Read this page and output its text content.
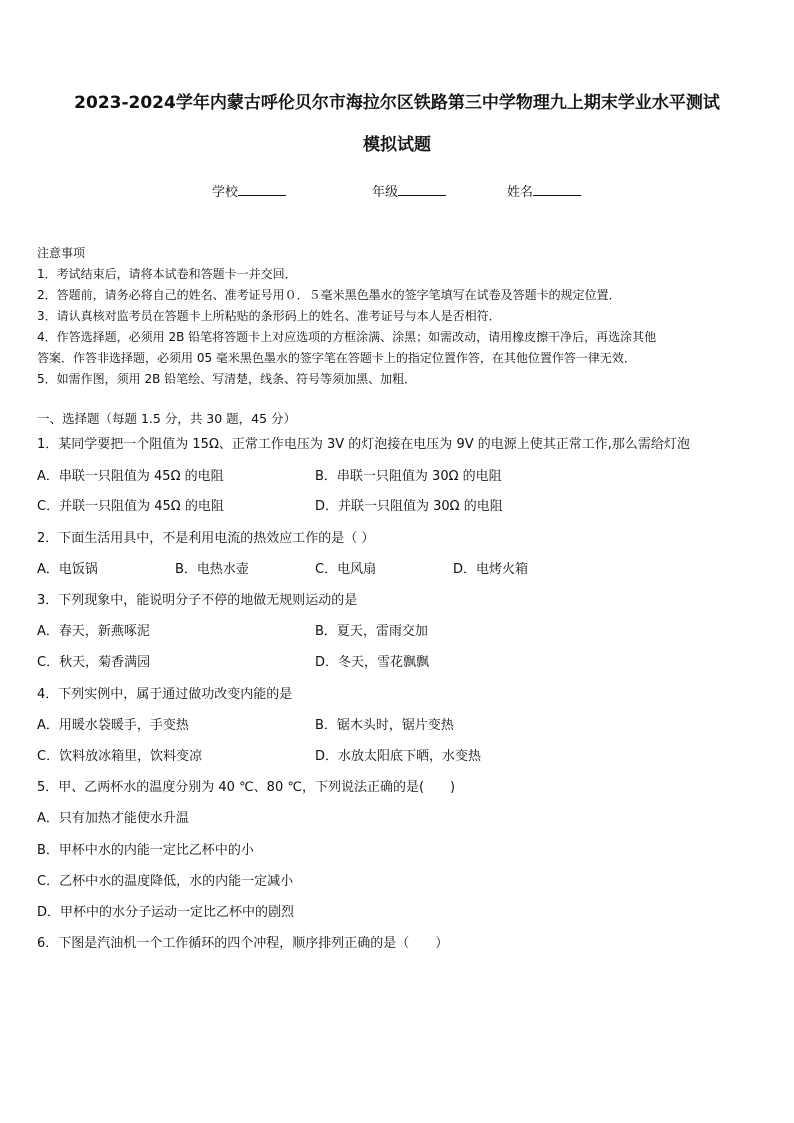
2023-2024学年内蒙古呼伦贝尔市海拉尔区铁路第三中学物理九上期末学业水平测试
模拟试题
学校	年级	姓名
注意事项
1．考试结束后，请将本试卷和答题卡一并交回．
2．答题前，请务必将自己的姓名、准考证号用０．５毫米黑色墨水的签字笔填写在试卷及答题卡的规定位置．
3．请认真核对监考员在答题卡上所粘贴的条形码上的姓名、准考证号与本人是否相符．
4．作答选择题，必须用 2B 铅笔将答题卡上对应选项的方框涂满、涂黑；如需改动，请用橡皮擦干净后，再选涂其他
答案．作答非选择题，必须用 05 毫米黑色墨水的签字笔在答题卡上的指定位置作答，在其他位置作答一律无效．
5．如需作图，须用 2B 铅笔绘、写清楚，线条、符号等须加黑、加粗．
一、选择题（每题 1.5 分，共 30 题，45 分）
1．某同学要把一个阻值为 15Ω、正常工作电压为 3V 的灯泡接在电压为 9V 的电源上使其正常工作,那么需给灯泡
A．串联一只阻值为 45Ω 的电阻	B．串联一只阻值为 30Ω 的电阻
C．并联一只阻值为 45Ω 的电阻	D．并联一只阻值为 30Ω 的电阻
2．下面生活用具中，不是利用电流的热效应工作的是（ ）
A．电饭锅	B．电热水壶	C．电风扇	D．电烤火箱
3．下列现象中，能说明分子不停的地做无规则运动的是
A．春天，新燕啄泥	B．夏天，雷雨交加
C．秋天，菊香满园	D．冬天，雪花飘飘
4．下列实例中，属于通过做功改变内能的是
A．用暖水袋暖手，手变热	B．锯木头时，锯片变热
C．饮料放冰箱里，饮料变凉	D．水放太阳底下晒，水变热
5．甲、乙两杯水的温度分别为 40 ℃、80 ℃，下列说法正确的是(　　)
A．只有加热才能使水升温
B．甲杯中水的内能一定比乙杯中的小
C．乙杯中水的温度降低，水的内能一定减小
D．甲杯中的水分子运动一定比乙杯中的剧烈
6．下图是汽油机一个工作循环的四个冲程，顺序排列正确的是（　　）
